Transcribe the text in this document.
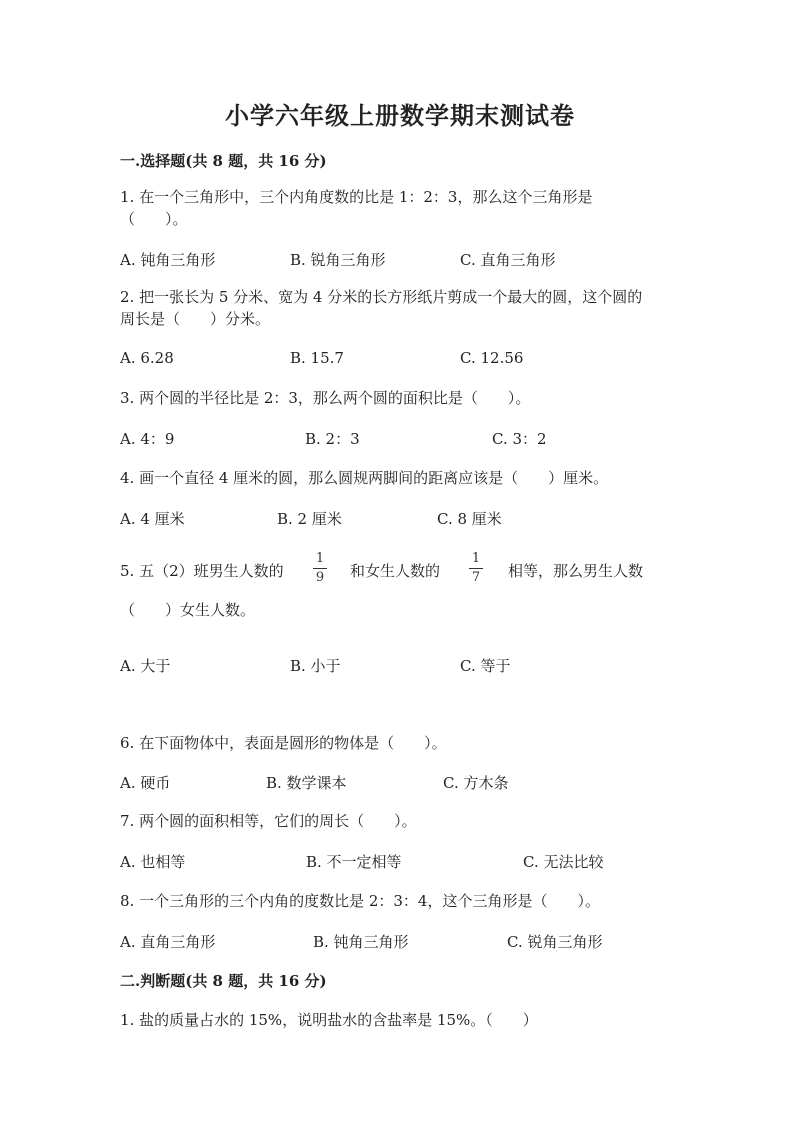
小学六年级上册数学期末测试卷
一.选择题(共 8 题，共 16 分)
1. 在一个三角形中，三个内角度数的比是 1：2：3，那么这个三角形是
（　　）。
A. 钝角三角形	B. 锐角三角形	C. 直角三角形
2. 把一张长为 5 分米、宽为 4 分米的长方形纸片剪成一个最大的圆，这个圆的
周长是（　　）分米。
A. 6.28	B. 15.7	C. 12.56
3. 两个圆的半径比是 2：3，那么两个圆的面积比是（　　）。
A. 4：9	B. 2：3	C. 3：2
4. 画一个直径 4 厘米的圆，那么圆规两脚间的距离应该是（　　）厘米。
A. 4 厘米	B. 2 厘米	C. 8 厘米
5. 五（2）班男生人数的
1
9	和女生人数的
1
7	相等，那么男生人数
（　　）女生人数。
A. 大于	B. 小于	C. 等于
6. 在下面物体中，表面是圆形的物体是（　　）。
A. 硬币	B. 数学课本	C. 方木条
7. 两个圆的面积相等，它们的周长（　　）。
A. 也相等	B. 不一定相等	C. 无法比较
8. 一个三角形的三个内角的度数比是 2：3：4，这个三角形是（　　）。
A. 直角三角形	B. 钝角三角形	C. 锐角三角形
二.判断题(共 8 题，共 16 分)
1. 盐的质量占水的 15%，说明盐水的含盐率是 15%。（　　）
